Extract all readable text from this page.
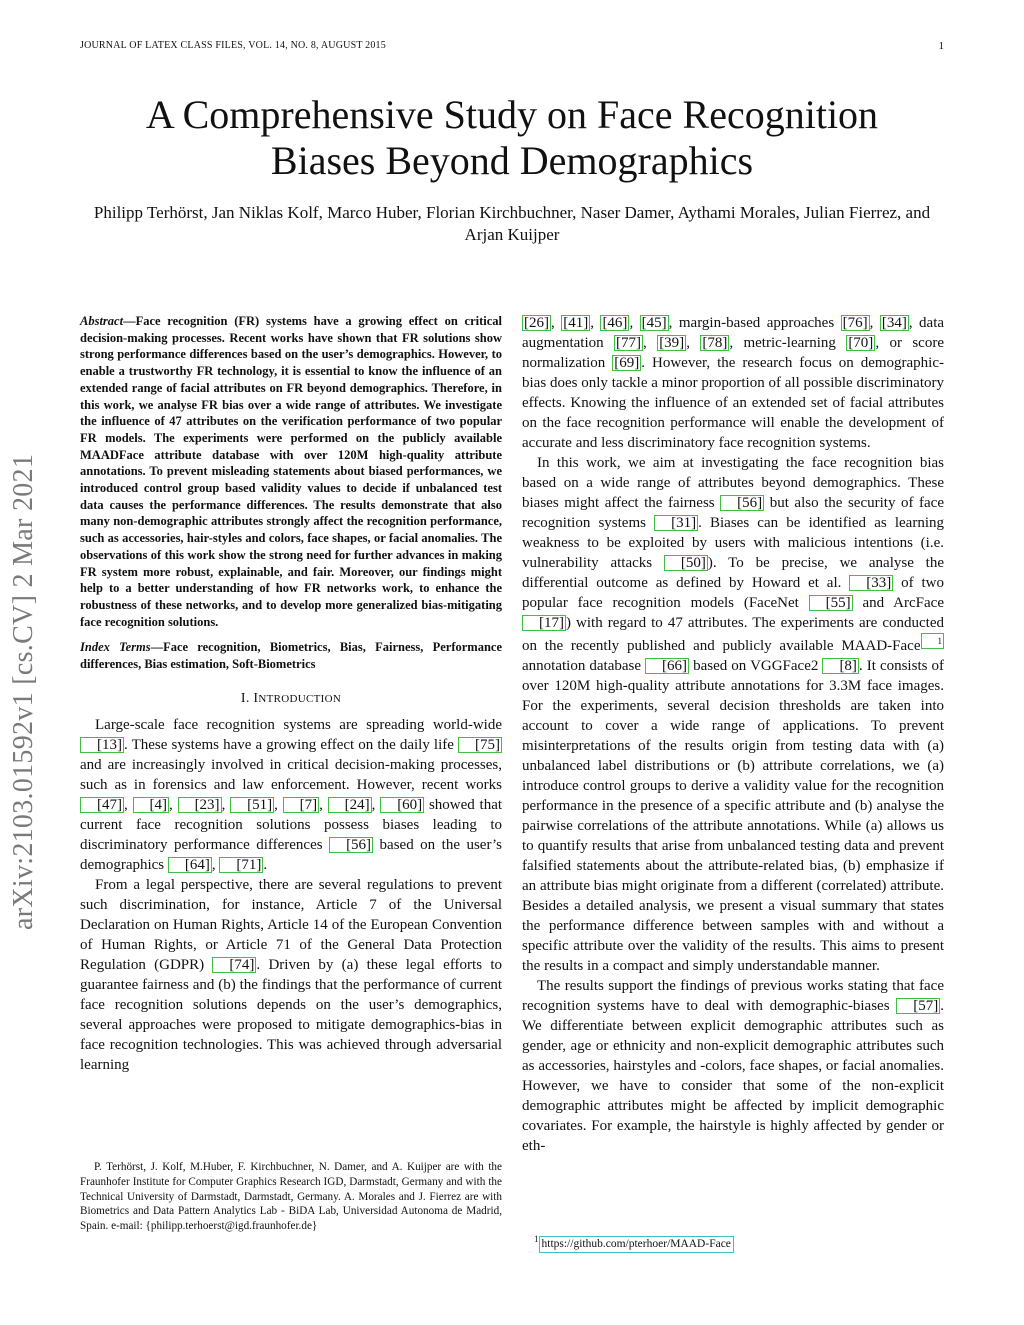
JOURNAL OF LATEX CLASS FILES, VOL. 14, NO. 8, AUGUST 2015	1
arXiv:2103.01592v1 [cs.CV] 2 Mar 2021
A Comprehensive Study on Face Recognition
Biases Beyond Demographics
Philipp Terhörst, Jan Niklas Kolf, Marco Huber, Florian Kirchbuchner, Naser Damer, Aythami Morales, Julian Fierrez, and Arjan Kuijper

Abstract—Face recognition (FR) systems have a growing effect on critical decision-making processes. Recent works have shown that FR solutions show strong performance differences based on the user’s demographics. However, to enable a trustworthy FR technology, it is essential to know the influence of an extended range of facial attributes on FR beyond demographics. Therefore, in this work, we analyse FR bias over a wide range of attributes. We investigate the influence of 47 attributes on the verification performance of two popular FR models. The experiments were performed on the publicly available MAADFace attribute database with over 120M high-quality attribute annotations. To prevent misleading statements about biased performances, we introduced control group based validity values to decide if unbalanced test data causes the performance differences. The results demonstrate that also many non-demographic attributes strongly affect the recognition performance, such as accessories, hair-styles and colors, face shapes, or facial anomalies. The observations of this work show the strong need for further advances in making FR system more robust, explainable, and fair. Moreover, our findings might help to a better understanding of how FR networks work, to enhance the robustness of these networks, and to develop more generalized bias-mitigating face recognition solutions.

Index Terms—Face recognition, Biometrics, Bias, Fairness, Performance differences, Bias estimation, Soft-Biometrics

I. INTRODUCTION

Large-scale face recognition systems are spreading world-wide [13] . These systems have a growing effect on the daily life [75] and are increasingly involved in critical decision-making processes, such as in forensics and law enforcement. However, recent works [47] , [4] , [23] , [51] , [7] , [24] , [60] showed that current face recognition solutions possess biases leading to discriminatory performance differences [56] based on the user’s demographics [64] , [71] .

From a legal perspective, there are several regulations to prevent such discrimination, for instance, Article 7 of the Universal Declaration on Human Rights, Article 14 of the European Convention of Human Rights, or Article 71 of the General Data Protection Regulation (GDPR) [74] . Driven by (a) these legal efforts to guarantee fairness and (b) the findings that the performance of current face recognition solutions depends on the user’s demographics, several approaches were proposed to mitigate demographics-bias in face recognition technologies. This was achieved through adversarial learning

P. Terhörst, J. Kolf, M.Huber, F. Kirchbuchner, N. Damer, and A. Kuijper are with the Fraunhofer Institute for Computer Graphics Research IGD, Darmstadt, Germany and with the Technical University of Darmstadt, Darmstadt, Germany. A. Morales and J. Fierrez are with Biometrics and Data Pattern Analytics Lab - BiDA Lab, Universidad Autonoma de Madrid, Spain. e-mail: {philipp.terhoerst@igd.fraunhofer.de}

[26] , [41] , [46] , [45] , margin-based approaches [76] , [34] , data augmentation [77] , [39] , [78] , metric-learning [70] , or score normalization [69] . However, the research focus on demographic-bias does only tackle a minor proportion of all possible discriminatory effects. Knowing the influence of an extended set of facial attributes on the face recognition performance will enable the development of accurate and less discriminatory face recognition systems.

In this work, we aim at investigating the face recognition bias based on a wide range of attributes beyond demographics. These biases might affect the fairness [56] but also the security of face recognition systems [31] . Biases can be identified as learning weakness to be exploited by users with malicious intentions (i.e. vulnerability attacks [50] ). To be precise, we analyse the differential outcome as defined by Howard et al. [33] of two popular face recognition models (FaceNet [55] and ArcFace [17] ) with regard to 47 attributes. The experiments are conducted on the recently published and publicly available MAAD-Face $^1$ annotation database [66] based on VGGFace2 [8] . It consists of over 120M high-quality attribute annotations for 3.3M face images. For the experiments, several decision thresholds are taken into account to cover a wide range of applications. To prevent misinterpretations of the results origin from testing data with (a) unbalanced label distributions or (b) attribute correlations, we (a) introduce control groups to derive a validity value for the recognition performance in the presence of a specific attribute and (b) analyse the pairwise correlations of the attribute annotations. While (a) allows us to quantify results that arise from unbalanced testing data and prevent falsified statements about the attribute-related bias, (b) emphasize if an attribute bias might originate from a different (correlated) attribute. Besides a detailed analysis, we present a visual summary that states the performance difference between samples with and without a specific attribute over the validity of the results. This aims to present the results in a compact and simply understandable manner.

The results support the findings of previous works stating that face recognition systems have to deal with demographic-biases [57] . We differentiate between explicit demographic attributes such as gender, age or ethnicity and non-explicit demographic attributes such as accessories, hairstyles and -colors, face shapes, or facial anomalies. However, we have to consider that some of the non-explicit demographic attributes might be affected by implicit demographic covariates. For example, the hairstyle is highly affected by gender or eth-

$^1$ https://github.com/pterhoer/MAAD-Face
